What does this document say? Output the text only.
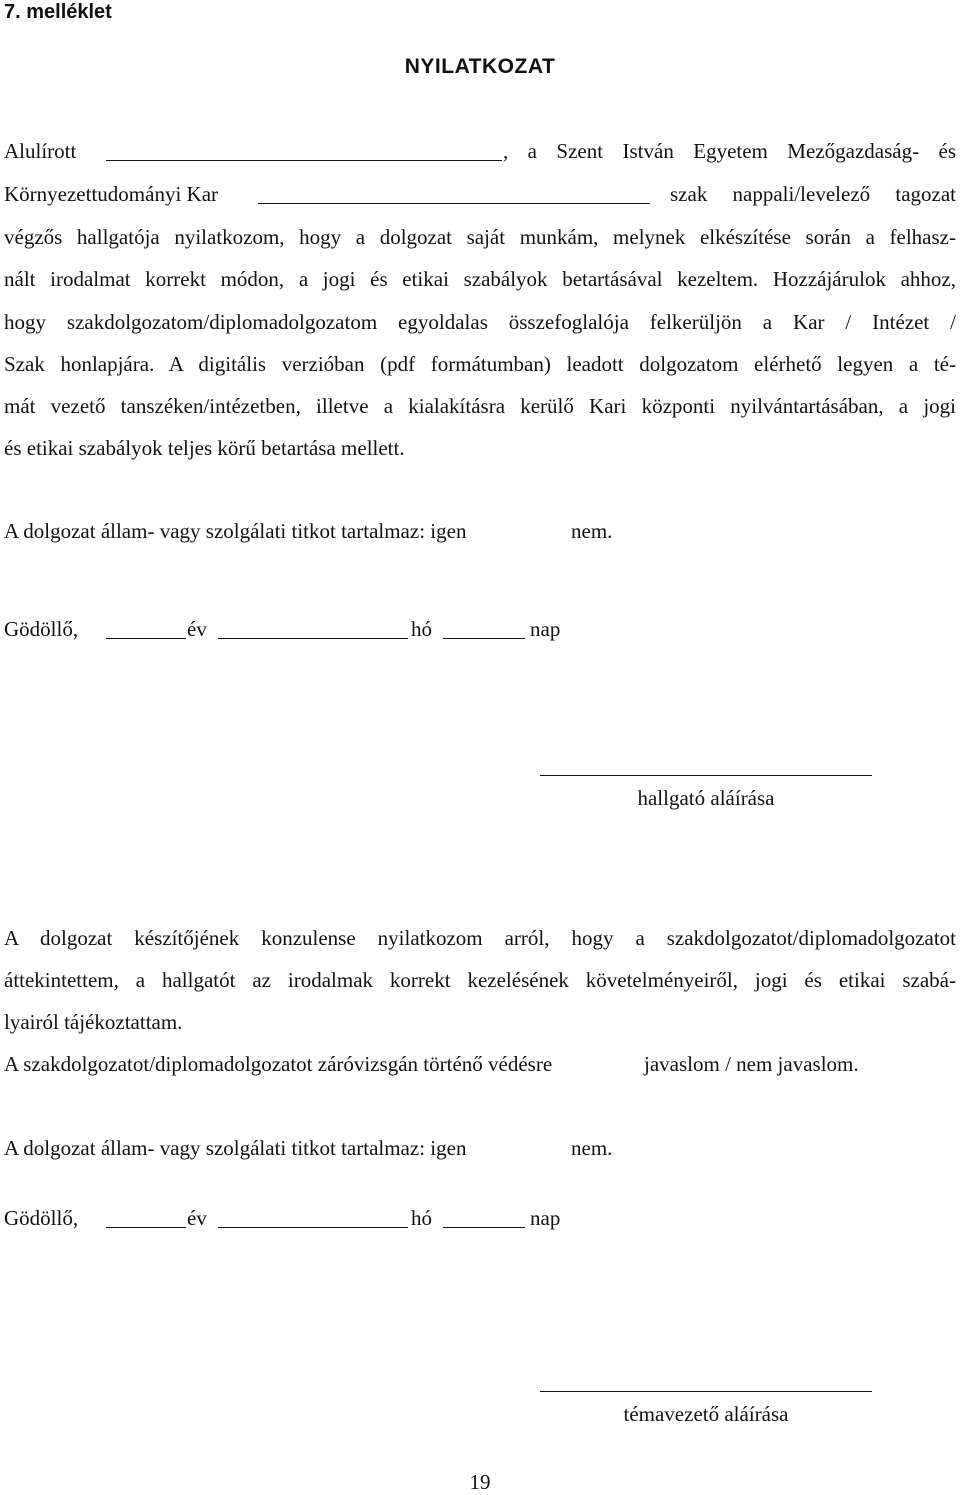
7. melléklet
NYILATKOZAT
Alulírott	, a Szent István Egyetem Mezőgazdaság- és
Környezettudományi Kar	szak nappali/levelező tagozat
végzős hallgatója nyilatkozom, hogy a dolgozat saját munkám, melynek elkészítése során a felhasz-
nált irodalmat korrekt módon, a jogi és etikai szabályok betartásával kezeltem. Hozzájárulok ahhoz,
hogy szakdolgozatom/diplomadolgozatom egyoldalas összefoglalója felkerüljön a Kar / Intézet /
Szak honlapjára. A digitális verzióban (pdf formátumban) leadott dolgozatom elérhető legyen a té-
mát vezető tanszéken/intézetben, illetve a kialakításra kerülő Kari központi nyilvántartásában, a jogi
és etikai szabályok teljes körű betartása mellett.
A dolgozat állam- vagy szolgálati titkot tartalmaz: igen	nem.
Gödöllő,	év	hó	nap
hallgató aláírása
A dolgozat készítőjének konzulense nyilatkozom arról, hogy a szakdolgozatot/diplomadolgozatot
áttekintettem, a hallgatót az irodalmak korrekt kezelésének követelményeiről, jogi és etikai szabá-
lyairól tájékoztattam.
A szakdolgozatot/diplomadolgozatot záróvizsgán történő védésre	javaslom / nem javaslom.
A dolgozat állam- vagy szolgálati titkot tartalmaz: igen	nem.
Gödöllő,	év	hó	nap
témavezető aláírása
19
